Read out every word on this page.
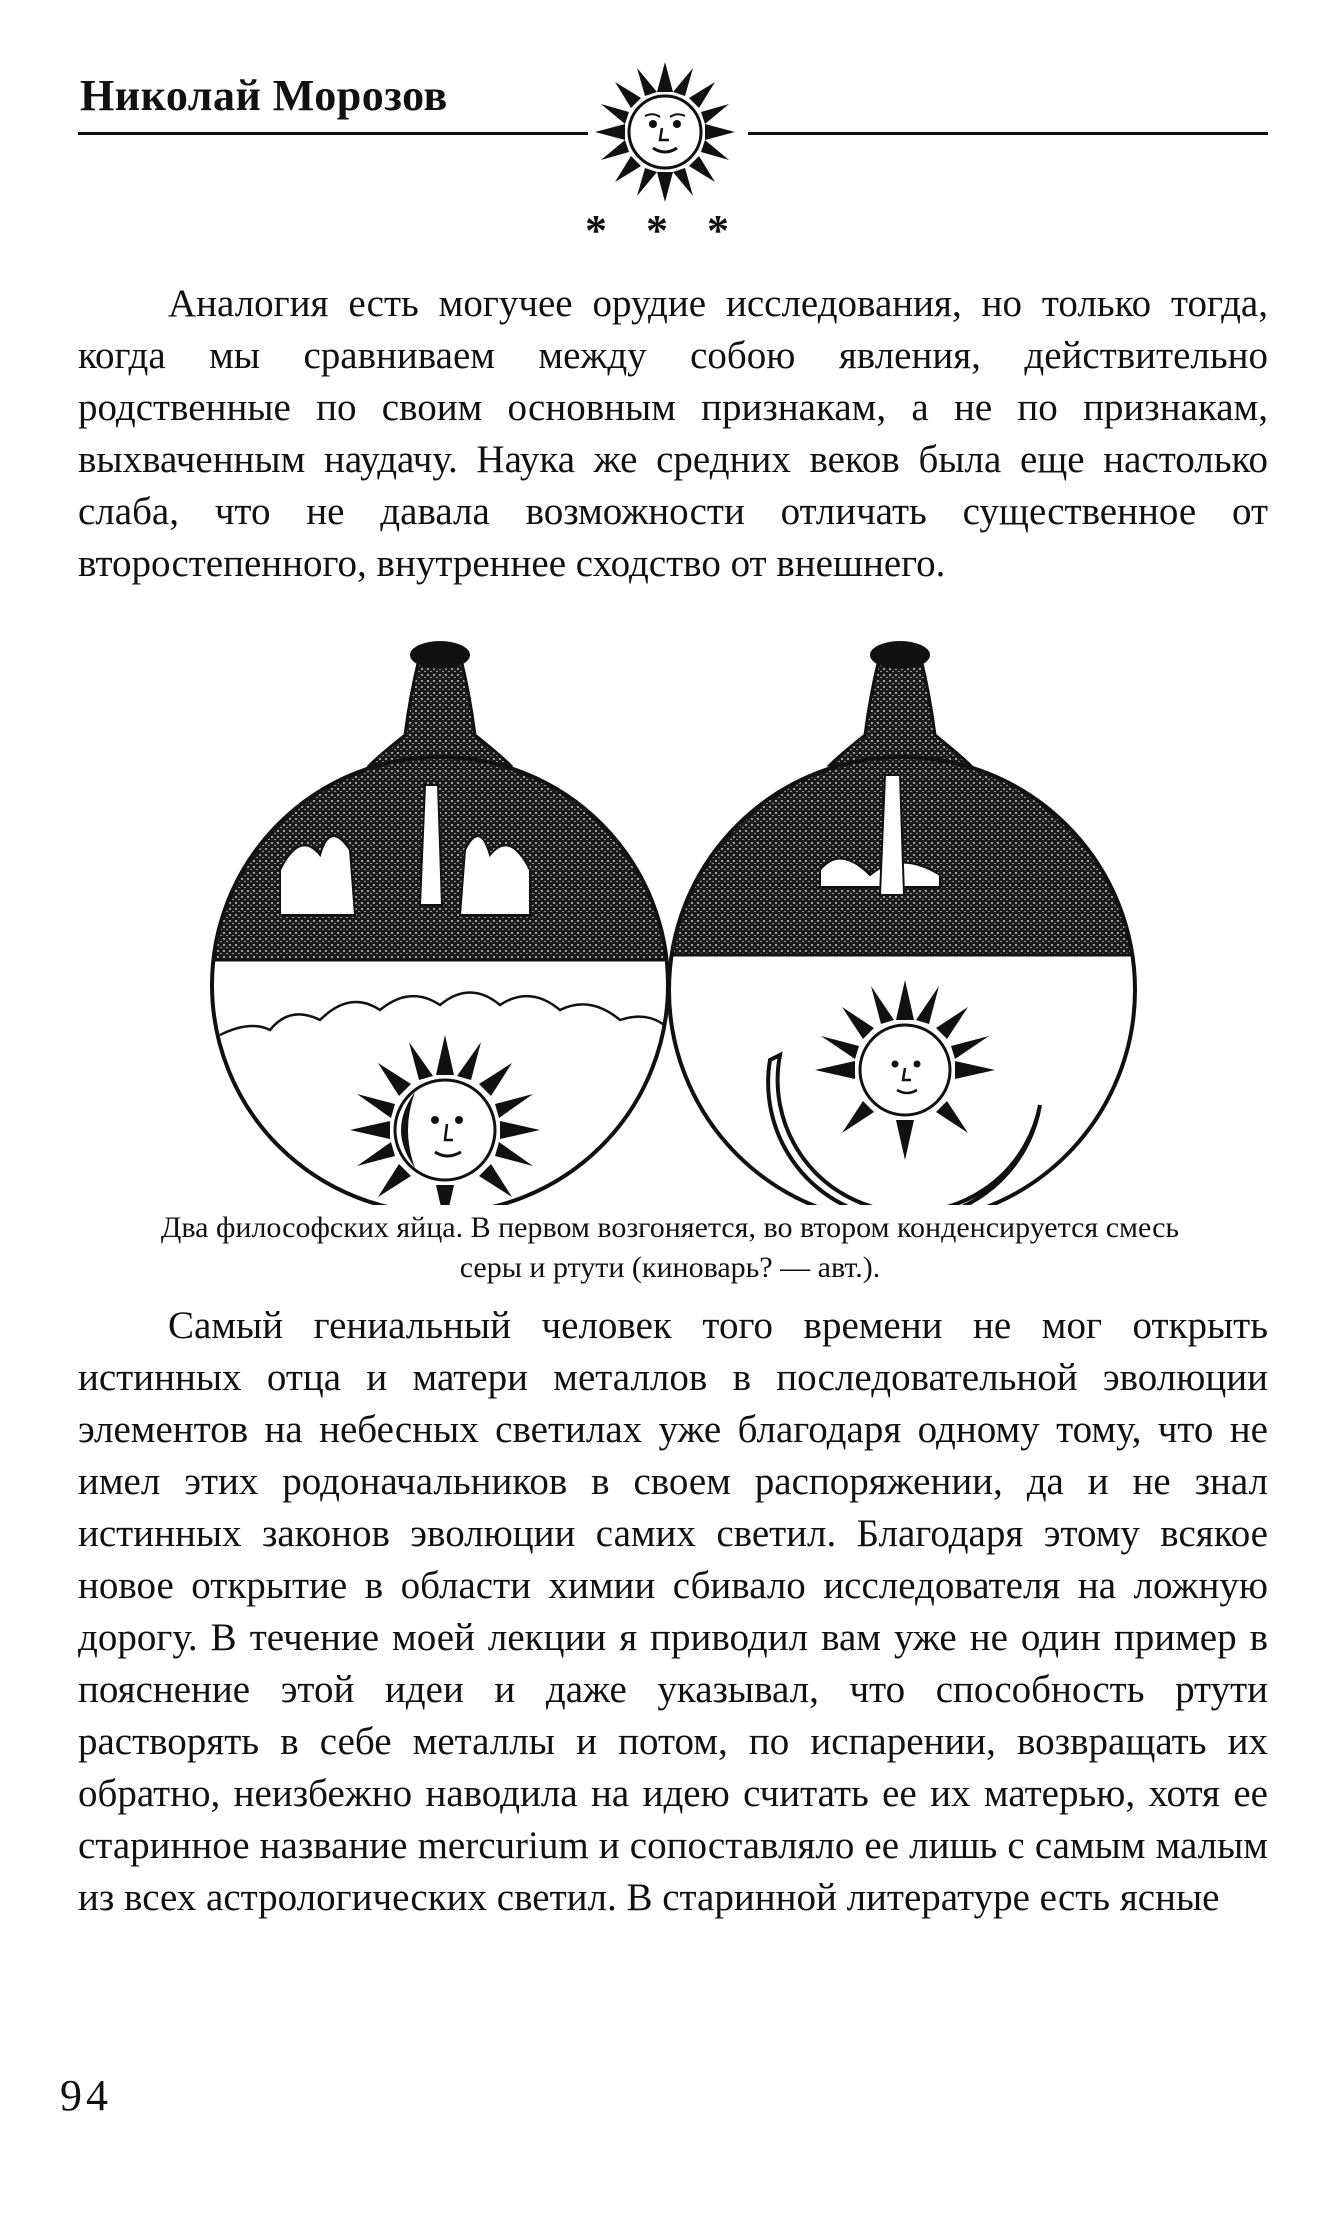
Николай Морозов
* * *

Аналогия есть могучее орудие исследования, но только тогда, когда мы сравниваем между собою явления, действительно родственные по своим основным признакам, а не по признакам, выхваченным наудачу. Наука же средних веков была еще настолько слаба, что не давала возможности отличать существенное от второстепенного, внутреннее сходство от внешнего.

Два философских яйца. В первом возгоняется, во втором конденсируется смесь серы и ртути (киноварь? — авт.).

Самый гениальный человек того времени не мог открыть истинных отца и матери металлов в последовательной эволюции элементов на небесных светилах уже благодаря одному тому, что не имел этих родоначальников в своем распоряжении, да и не знал истинных законов эволюции самих светил. Благодаря этому всякое новое открытие в области химии сбивало исследователя на ложную дорогу. В течение моей лекции я приводил вам уже не один пример в пояснение этой идеи и даже указывал, что способность ртути растворять в себе металлы и потом, по испарении, возвращать их обратно, неизбежно наводила на идею считать ее их матерью, хотя ее старинное название mercurium и сопоставляло ее лишь с самым малым из всех астрологических светил. В старинной литературе есть ясные

94
